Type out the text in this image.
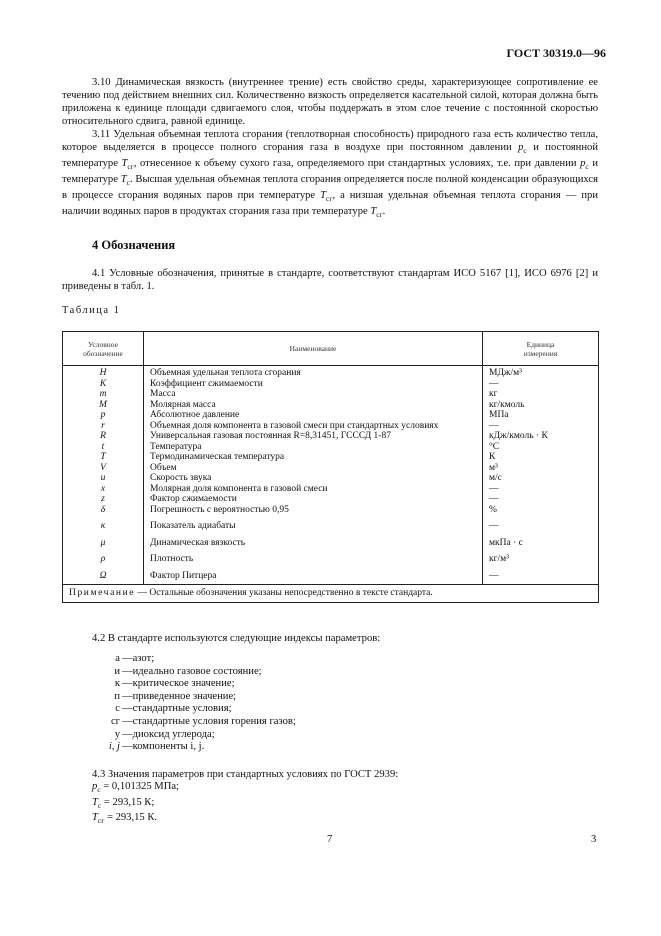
ГОСТ 30319.0—96
3.10 Динамическая вязкость (внутреннее трение) есть свойство среды, характеризующее сопротивление ее течению под действием внешних сил. Количественно вязкость определяется касательной силой, которая должна быть приложена к единице площади сдвигаемого слоя, чтобы поддержать в этом слое течение с постоянной скоростью относительного сдвига, равной единице.
3.11 Удельная объемная теплота сгорания (теплотворная способность) природного газа есть количество тепла, которое выделяется в процессе полного сгорания газа в воздухе при постоянном давлении $p_с$ и постоянной температуре $T_{сг}$, отнесенное к объему сухого газа, определяемого при стандартных условиях, т.е. при давлении $p_с$ и температуре $T_с$. Высшая удельная объемная теплота сгорания определяется после полной конденсации образующихся в процессе сгорания водяных паров при температуре $T_{сг}$, а низшая удельная объемная теплота сгорания — при наличии водяных паров в продуктах сгорания газа при температуре $T_{сг}$.
4 Обозначения
4.1 Условные обозначения, принятые в стандарте, соответствуют стандартам ИСО 5167 [1], ИСО 6976 [2] и приведены в табл. 1.
Таблица 1
Условное
обозначение	Наименование	Единица
измерения
H	Объемная удельная теплота сгорания	МДж/м³
K	Коэффициент сжимаемости	—
m	Масса	кг
M	Молярная масса	кг/кмоль
p	Абсолютное давление	МПа
r	Объемная доля компонента в газовой смеси при стандартных условиях	—
R	Универсальная газовая постоянная R=8,31451, ГСССД 1-87	кДж/кмоль · К
t	Температура	°С
T	Термодинамическая температура	К
V	Объем	м³
u	Скорость звука	м/с
x	Молярная доля компонента в газовой смеси	—
z	Фактор сжимаемости	—
δ	Погрешность с вероятностью 0,95	%
κ	Показатель адиабаты	—
μ	Динамическая вязкость	мкПа · с
ρ	Плотность	кг/м³
Ω	Фактор Питцера	—
Примечание — Остальные обозначения указаны непосредственно в тексте стандарта.		
4.2 В стандарте используются следующие индексы параметров:
а —азот;
и —идеально газовое состояние;
к —критическое значение;
п —приведенное значение;
с —стандартные условия;
сг —стандартные условия горения газов;
у —диоксид углерода;
i, j —компоненты i, j.
4.3 Значения параметров при стандартных условиях по ГОСТ 2939:
$p_с = 0,101325$ МПа;
$T_с = 293,15$ К;
$T_{сг} = 293,15$ К.
7	3
